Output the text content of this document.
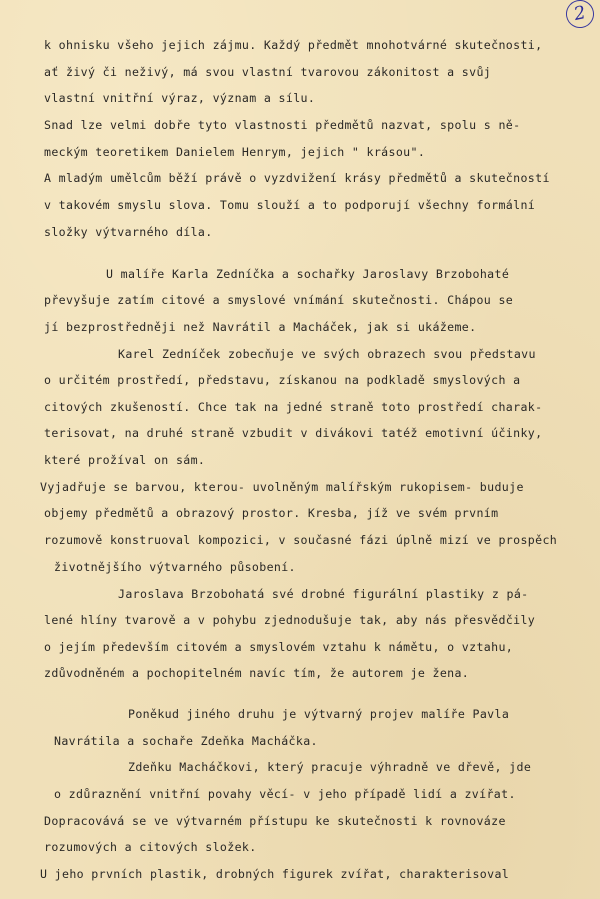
2
k ohnisku všeho jejich zájmu. Každý předmět mnohotvárné skutečnosti,
ať živý či neživý, má svou vlastní tvarovou zákonitost a svůj
vlastní vnitřní výraz, význam a sílu.
Snad lze velmi dobře tyto vlastnosti předmětů nazvat, spolu s ně-
meckým teoretikem Danielem Henrym, jejich " krásou".
A mladým umělcům běží právě o vyzdvižení krásy předmětů a skutečností
v takovém smyslu slova. Tomu slouží a to podporují všechny formální
složky výtvarného díla.
U malíře Karla Zedníčka a sochařky Jaroslavy Brzobohaté
převyšuje zatím citové a smyslové vnímání skutečnosti. Chápou se
jí bezprostředněji než Navrátil a Macháček, jak si ukážeme.
Karel Zedníček zobecňuje ve svých obrazech svou představu
o určitém prostředí, představu, získanou na podkladě smyslových a
citových zkušeností. Chce tak na jedné straně toto prostředí charak-
terisovat, na druhé straně vzbudit v divákovi tatéž emotivní účinky,
které prožíval on sám.
Vyjadřuje se barvou, kterou- uvolněným malířským rukopisem- buduje
objemy předmětů a obrazový prostor. Kresba, jíž ve svém prvním
rozumově konstruoval kompozici, v současné fázi úplně mizí ve prospěch
životnějšího výtvarného působení.
Jaroslava Brzobohatá své drobné figurální plastiky z pá-
lené hlíny tvarově a v pohybu zjednodušuje tak, aby nás přesvědčily
o jejím především citovém a smyslovém vztahu k námětu, o vztahu,
zdůvodněném a pochopitelném navíc tím, že autorem je žena.
Poněkud jiného druhu je výtvarný projev malíře Pavla
Navrátila a sochaře Zdeňka Macháčka.
Zdeňku Macháčkovi, který pracuje výhradně ve dřevě, jde
o zdůraznění vnitřní povahy věcí- v jeho případě lidí a zvířat.
Dopracovává se ve výtvarném přístupu ke skutečnosti k rovnováze
rozumových a citových složek.
U jeho prvních plastik, drobných figurek zvířat, charakterisoval
